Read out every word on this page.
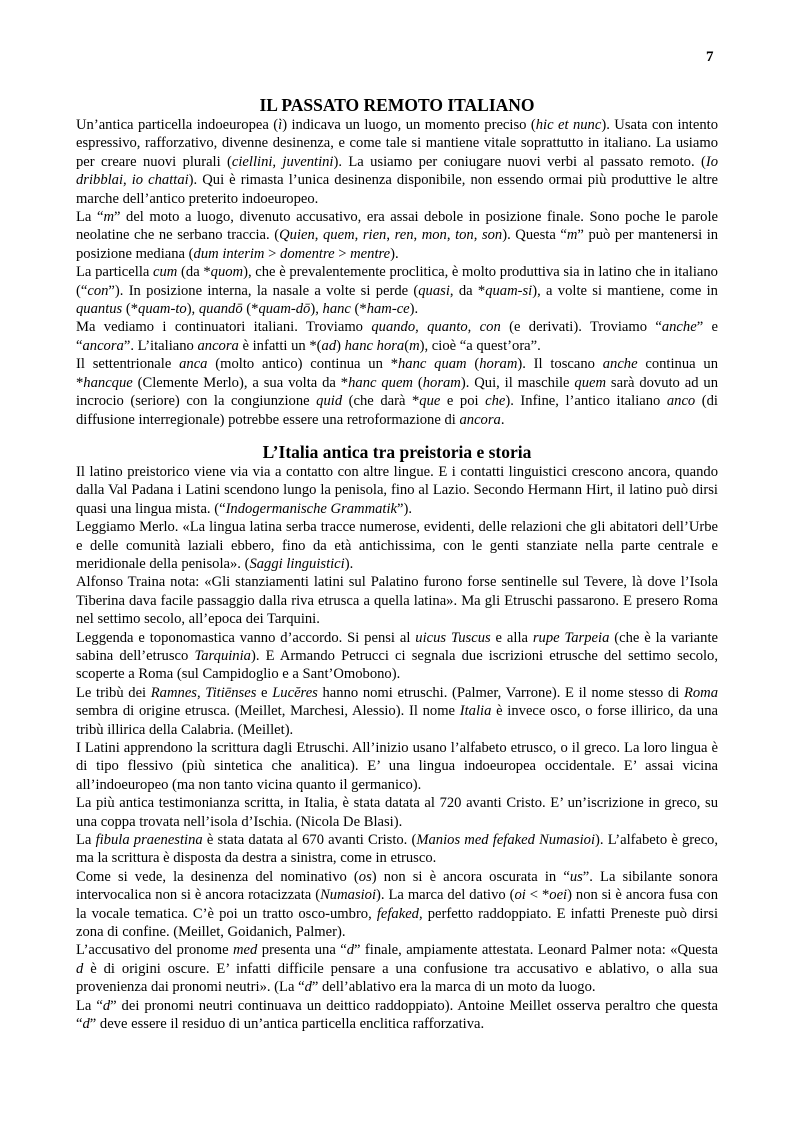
7
IL PASSATO REMOTO ITALIANO

Un’antica particella indoeuropea (ì) indicava un luogo, un momento preciso (hic et nunc). Usata con intento espressivo, rafforzativo, divenne desinenza, e come tale si mantiene vitale soprattutto in italiano. La usiamo per creare nuovi plurali (ciellini, juventini). La usiamo per coniugare nuovi verbi al passato remoto. (Io dribblai, io chattai). Qui è rimasta l’unica desinenza disponibile, non essendo ormai più produttive le altre marche dell’antico preterito indoeuropeo.

La “m” del moto a luogo, divenuto accusativo, era assai debole in posizione finale. Sono poche le parole neolatine che ne serbano traccia. (Quien, quem, rien, ren, mon, ton, son). Questa “m” può per mantenersi in posizione mediana (dum interim > domentre > mentre).

La particella cum (da *quom), che è prevalentemente proclitica, è molto produttiva sia in latino che in italiano (“con”). In posizione interna, la nasale a volte si perde (quasi, da *quam-si), a volte si mantiene, come in quantus (*quam-to), quandō (*quam-dō), hanc (*ham-ce).

Ma vediamo i continuatori italiani. Troviamo quando, quanto, con (e derivati). Troviamo “anche” e “ancora”. L’italiano ancora è infatti un *(ad) hanc hora(m), cioè “a quest’ora”.

Il settentrionale anca (molto antico) continua un *hanc quam (horam). Il toscano anche continua un *hancque (Clemente Merlo), a sua volta da *hanc quem (horam). Qui, il maschile quem sarà dovuto ad un incrocio (seriore) con la congiunzione quid (che darà *que e poi che). Infine, l’antico italiano anco (di diffusione interregionale) potrebbe essere una retroformazione di ancora.

L’Italia antica tra preistoria e storia

Il latino preistorico viene via via a contatto con altre lingue. E i contatti linguistici crescono ancora, quando dalla Val Padana i Latini scendono lungo la penisola, fino al Lazio. Secondo Hermann Hirt, il latino può dirsi quasi una lingua mista. (“Indogermanische Grammatik”).

Leggiamo Merlo. «La lingua latina serba tracce numerose, evidenti, delle relazioni che gli abitatori dell’Urbe e delle comunità laziali ebbero, fino da età antichissima, con le genti stanziate nella parte centrale e meridionale della penisola». (Saggi linguistici).

Alfonso Traina nota: «Gli stanziamenti latini sul Palatino furono forse sentinelle sul Tevere, là dove l’Isola Tiberina dava facile passaggio dalla riva etrusca a quella latina». Ma gli Etruschi passarono. E presero Roma nel settimo secolo, all’epoca dei Tarquini.

Leggenda e toponomastica vanno d’accordo. Si pensi al uicus Tuscus e alla rupe Tarpeia (che è la variante sabina dell’etrusco Tarquinia). E Armando Petrucci ci segnala due iscrizioni etrusche del settimo secolo, scoperte a Roma (sul Campidoglio e a Sant’Omobono).

Le tribù dei Ramnes, Titiēnses e Lucĕres hanno nomi etruschi. (Palmer, Varrone). E il nome stesso di Roma sembra di origine etrusca. (Meillet, Marchesi, Alessio). Il nome Italia è invece osco, o forse illirico, da una tribù illirica della Calabria. (Meillet).

I Latini apprendono la scrittura dagli Etruschi. All’inizio usano l’alfabeto etrusco, o il greco. La loro lingua è di tipo flessivo (più sintetica che analitica). E’ una lingua indoeuropea occidentale. E’ assai vicina all’indoeuropeo (ma non tanto vicina quanto il germanico).

La più antica testimonianza scritta, in Italia, è stata datata al 720 avanti Cristo. E’ un’iscrizione in greco, su una coppa trovata nell’isola d’Ischia. (Nicola De Blasi).

La fibula praenestina è stata datata al 670 avanti Cristo. (Manios med fefaked Numasioi). L’alfabeto è greco, ma la scrittura è disposta da destra a sinistra, come in etrusco.

Come si vede, la desinenza del nominativo (os) non si è ancora oscurata in “us”. La sibilante sonora intervocalica non si è ancora rotacizzata (Numasioi). La marca del dativo (oi < *oei) non si è ancora fusa con la vocale tematica. C’è poi un tratto osco-umbro, fefaked, perfetto raddoppiato. E infatti Preneste può dirsi zona di confine. (Meillet, Goidanich, Palmer).

L’accusativo del pronome med presenta una “d” finale, ampiamente attestata. Leonard Palmer nota: «Questa d è di origini oscure. E’ infatti difficile pensare a una confusione tra accusativo e ablativo, o alla sua provenienza dai pronomi neutri». (La “d” dell’ablativo era la marca di un moto da luogo.

La “d” dei pronomi neutri continuava un deittico raddoppiato). Antoine Meillet osserva peraltro che questa “d” deve essere il residuo di un’antica particella enclitica rafforzativa.
